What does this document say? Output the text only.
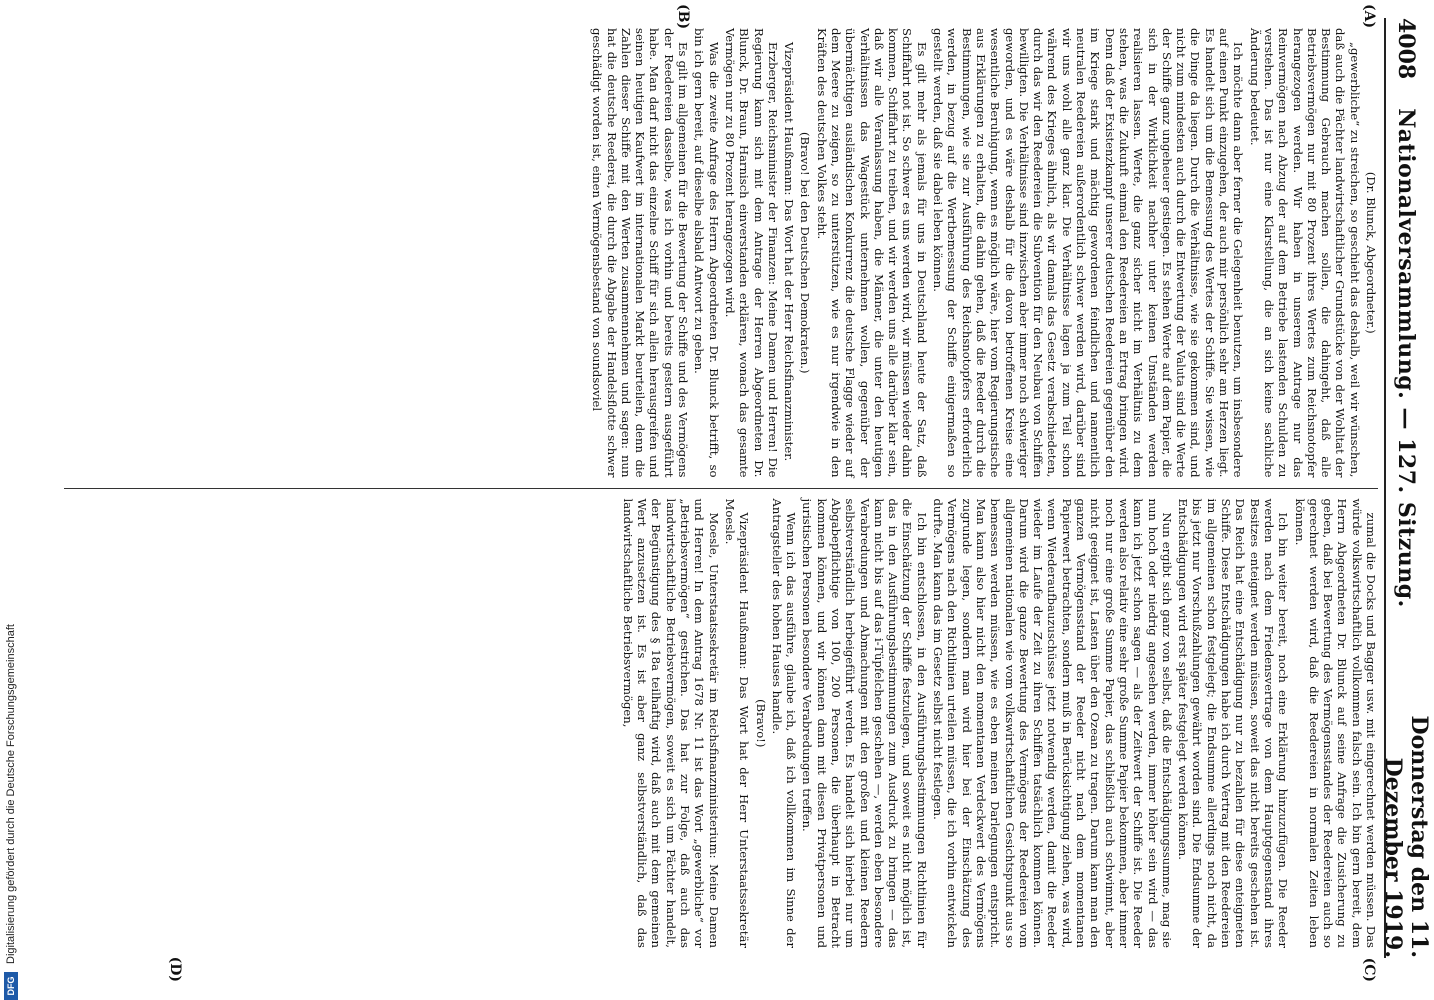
4008
Nationalversammlung. — 127. Sitzung.
Donnerstag den 11. Dezember 1919.
(A)
(B)

(Dr. Blunck, Abgeordneter.)

„gewerbliche“ zu streichen, so geschieht das deshalb, weil wir wünschen, daß auch die Pächter landwirtschaftlicher Grundstücke von der Wohltat der Bestimmung Gebrauch machen sollen, die dahingeht, daß alle Betriebsvermögen nur mit 80 Prozent ihres Wertes zum Reichsnotopfer herangezogen werden. Wir haben in unserem Antrage nur das Reinvermögen nach Abzug der auf dem Betriebe lastenden Schulden zu verstehen. Das ist nur eine Klarstellung, die an sich keine sachliche Änderung bedeutet.

Ich möchte dann aber ferner die Gelegenheit benutzen, um insbesondere auf einen Punkt einzugehen, der auch mir persönlich sehr am Herzen liegt. Es handelt sich um die Bemessung des Wertes der Schiffe. Sie wissen, wie die Dinge da liegen. Durch die Verhältnisse, wie sie gekommen sind, und nicht zum mindesten auch durch die Entwertung der Valuta sind die Werte der Schiffe ganz ungeheuer gestiegen. Es stehen Werte auf dem Papier, die sich in der Wirklichkeit nachher unter keinen Umständen werden realisieren lassen. Werte, die ganz sicher nicht im Verhältnis zu dem stehen, was die Zukunft einmal den Reedereien an Ertrag bringen wird. Denn daß der Existenzkampf unserer deutschen Reedereien gegenüber den im Kriege stark und mächtig gewordenen feindlichen und namentlich neutralen Reedereien außerordentlich schwer werden wird, darüber sind wir uns wohl alle ganz klar. Die Verhältnisse lagen ja zum Teil schon während des Krieges ähnlich, als wir damals das Gesetz verabschiedeten, durch das wir den Reedereien die Subvention für den Neubau von Schiffen bewilligten. Die Verhältnisse sind inzwischen aber immer noch schwieriger geworden, und es wäre deshalb für die davon betroffenen Kreise eine wesentliche Beruhigung, wenn es möglich wäre, hier vom Regierungstische aus Erklärungen zu erhalten, die dahin gehen, daß die Reeder durch die Bestimmungen, wie sie zur Ausführung des Reichsnotopfers erforderlich werden, in bezug auf die Wertbemessung der Schiffe einigermaßen so gestellt werden, daß sie dabei leben können.

Es gilt mehr als jemals für uns in Deutschland heute der Satz, daß Schiffahrt not ist. So schwer es uns werden wird, wir müssen wieder dahin kommen, Schiffahrt zu treiben, und wir werden uns alle darüber klar sein, daß wir alle Veranlassung haben, die Männer, die unter den heutigen Verhältnissen das Wagestück unternehmen wollen, gegenüber der übermächtigen ausländischen Konkurrenz die deutsche Flagge wieder auf dem Meere zu zeigen, so zu unterstützen, wie es nur irgendwie in den Kräften des deutschen Volkes steht.

(Bravo! bei den Deutschen Demokraten.)

Vizepräsident Haußmann: Das Wort hat der Herr Reichsfinanzminister.

Erzberger, Reichsminister der Finanzen: Meine Damen und Herren! Die Regierung kann sich mit dem Antrage der Herren Abgeordneten Dr. Blunck, Dr. Braun, Harnisch einverstanden erklären, wonach das gesamte Vermögen nur zu 80 Prozent herangezogen wird.

Was die zweite Anfrage des Herrn Abgeordneten Dr. Blunck betrifft, so bin ich gern bereit, auf dieselbe alsbald Antwort zu geben.

Es gilt im allgemeinen für die Bewertung der Schiffe und des Vermögens der Reedereien dasselbe, was ich vorhin und bereits gestern ausgeführt habe. Man darf nicht das einzelne Schiff für sich allein herausgreifen und seinen heutigen Kaufwert im internationalen Markt beurteilen, denn die Zahlen dieser Schiffe mit den Werten zusammennehmen und sagen: nun hat die deutsche Reederei, die durch die Abgabe der Handelsflotte schwer geschädigt worden ist, einen Vermögensbestand von soundsoviel

(C)
(D)

zumal die Docks und Bagger usw. mit eingerechnet werden müssen. Das würde volkswirtschaftlich vollkommen falsch sein. Ich bin gern bereit, dem Herrn Abgeordneten Dr. Blunck auf seine Anfrage die Zusicherung zu geben, daß bei Bewertung des Vermögensstandes der Reedereien auch so gerechnet werden wird, daß die Reedereien in normalen Zeiten leben können.

Ich bin weiter bereit, noch eine Erklärung hinzuzufügen. Die Reeder werden nach dem Friedensvertrage von dem Hauptgegenstand ihres Besitzes enteignet werden müssen, soweit das nicht bereits geschehen ist. Das Reich hat eine Entschädigung nur zu bezahlen für diese enteigneten Schiffe. Diese Entschädigungen habe ich durch Vertrag mit den Reedereien im allgemeinen schon festgelegt; die Endsumme allerdings noch nicht, da bis jetzt nur Vorschußzahlungen gewährt worden sind. Die Endsumme der Entschädigungen wird erst später festgelegt werden können.

Nun ergibt sich ganz von selbst, daß die Entschädigungssumme, mag sie nun hoch oder niedrig angesehen werden, immer höher sein wird — das kann ich jetzt schon sagen — als der Zeitwert der Schiffe ist. Die Reeder werden also relativ eine sehr große Summe Papier bekommen, aber immer noch nur eine große Summe Papier, das schließlich auch schwimmt, aber nicht geeignet ist, Lasten über den Ozean zu tragen. Darum kann man den ganzen Vermögensstand der Reeder nicht nach dem momentanen Papierwert betrachten, sondern muß in Berücksichtigung ziehen, was wird, wenn Wiederaufbauzuschüsse jetzt notwendig werden, damit die Reeder wieder im Laufe der Zeit zu ihren Schiffen tatsächlich kommen können. Darum wird die ganze Bewertung des Vermögens der Reedereien vom allgemeinen nationalen wie vom volkswirtschaftlichen Gesichtspunkt aus so bemessen werden müssen, wie es eben meinen Darlegungen entspricht. Man kann also hier nicht den momentanen Verdeckwert des Vermögens zugrunde legen, sondern man wird hier bei der Einschätzung des Vermögens nach den Richtlinien urteilen müssen, die ich vorhin entwickeln durfte. Man kann das im Gesetz selbst nicht festlegen.

Ich bin entschlossen, in den Ausführungsbestimmungen Richtlinien für die Einschätzung der Schiffe festzulegen, und soweit es nicht möglich ist, das in den Ausführungsbestimmungen zum Ausdruck zu bringen — das kann nicht bis auf das i-Tüpfelchen geschehen —, werden eben besondere Verabredungen und Abmachungen mit den großen und kleinen Reedern selbstverständlich herbeigeführt werden. Es handelt sich hierbei nur um Abgabepflichtige von 100, 200 Personen, die überhaupt in Betracht kommen können, und wir können dann mit diesen Privatpersonen und juristischen Personen besondere Verabredungen treffen.

Wenn ich das ausführe, glaube ich, daß ich vollkommen im Sinne der Antragsteller des hohen Hauses handle.

(Bravo!)

Vizepräsident Haußmann: Das Wort hat der Herr Unterstaatssekretär Moesle.

Moesle, Unterstaatssekretär im Reichsfinanzministerium: Meine Damen und Herren! In dem Antrag 1678 Nr. 11 ist das Wort „gewerbliche“ vor „Betriebsvermögen“ gestrichen. Das hat zur Folge, daß auch das landwirtschaftliche Betriebsvermögen, soweit es sich um Pächter handelt, der Begünstigung des § 18a teilhaftig wird, daß auch mit dem gemeinen Wert anzusetzen ist. Es ist aber ganz selbstverständlich, daß das landwirtschaftliche Betriebsvermögen,

DFG
Digitalisierung gefördert durch die Deutsche Forschungsgemeinschaft
